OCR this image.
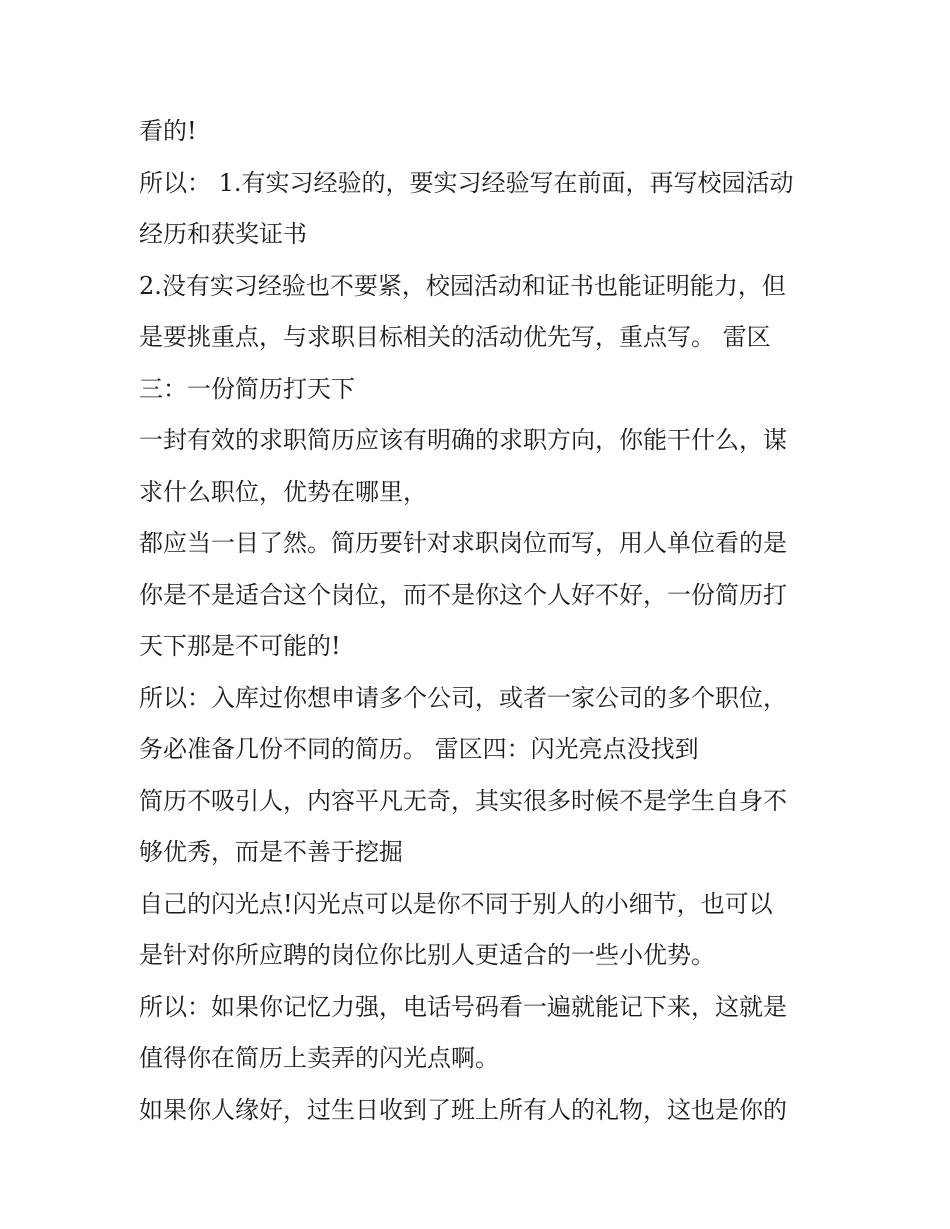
看的!
所以： 1.有实习经验的，要实习经验写在前面，再写校园活动
经历和获奖证书
2.没有实习经验也不要紧，校园活动和证书也能证明能力，但
是要挑重点，与求职目标相关的活动优先写，重点写。 雷区
三：一份简历打天下
一封有效的求职简历应该有明确的求职方向，你能干什么，谋
求什么职位，优势在哪里，
都应当一目了然。简历要针对求职岗位而写，用人单位看的是
你是不是适合这个岗位，而不是你这个人好不好，一份简历打
天下那是不可能的!
所以：入库过你想申请多个公司，或者一家公司的多个职位，
务必准备几份不同的简历。 雷区四：闪光亮点没找到
简历不吸引人，内容平凡无奇，其实很多时候不是学生自身不
够优秀，而是不善于挖掘
自己的闪光点!闪光点可以是你不同于别人的小细节，也可以
是针对你所应聘的岗位你比别人更适合的一些小优势。
所以：如果你记忆力强，电话号码看一遍就能记下来，这就是
值得你在简历上卖弄的闪光点啊。
如果你人缘好，过生日收到了班上所有人的礼物，这也是你的
